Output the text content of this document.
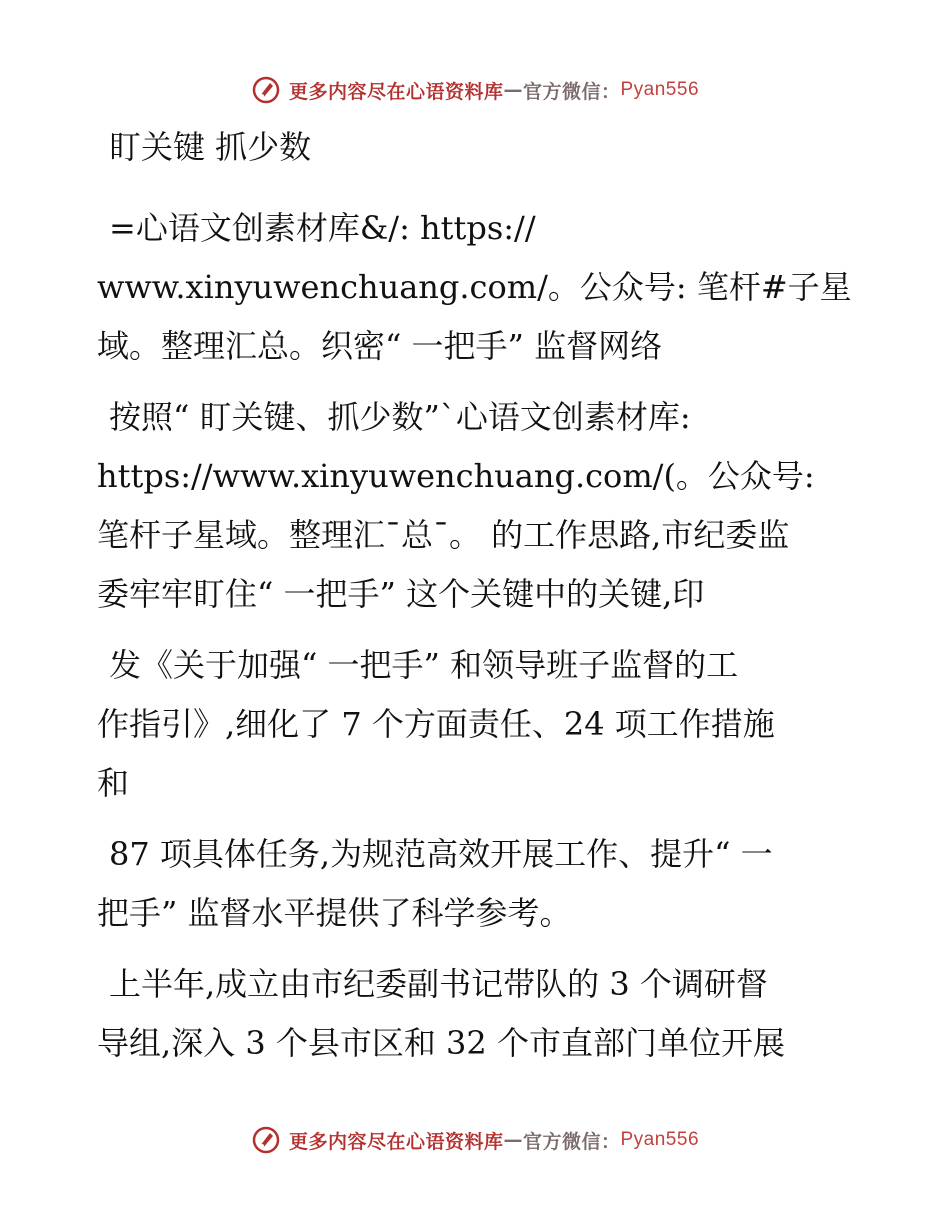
更多内容尽在心语资料库 — 官方微信： Pyan556

盯关键 抓少数

=心语文创素材库&/: https://
www.xinyuwenchuang.com/。公众号: 笔杆#子星
域。整理汇总。织密“ 一把手” 监督网络

按照“ 盯关键、抓少数”`心语文创素材库:
https://www.xinyuwenchuang.com/(。公众号:
笔杆子星域。整理汇¯总¯。 的工作思路,市纪委监
委牢牢盯住“ 一把手” 这个关键中的关键,印

发《关于加强“ 一把手” 和领导班子监督的工
作指引》,细化了 7 个方面责任、24 项工作措施
和

87 项具体任务,为规范高效开展工作、提升“ 一
把手” 监督水平提供了科学参考。

上半年,成立由市纪委副书记带队的 3 个调研督
导组,深入 3 个县市区和 32 个市直部门单位开展

更多内容尽在心语资料库 — 官方微信： Pyan556
